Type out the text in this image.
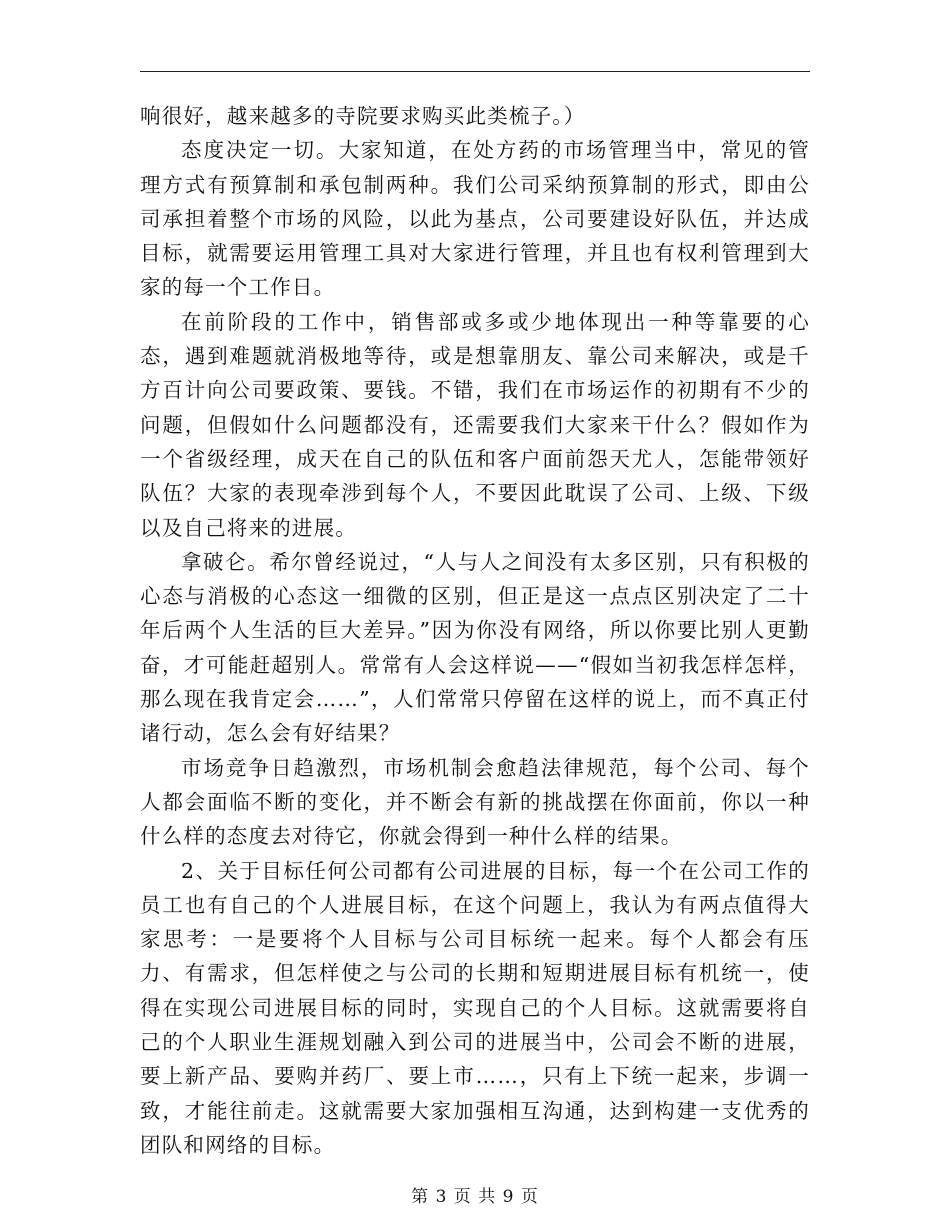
响很好，越来越多的寺院要求购买此类梳子。）

态度决定一切。大家知道，在处方药的市场管理当中，常见的管理方式有预算制和承包制两种。我们公司采纳预算制的形式，即由公司承担着整个市场的风险，以此为基点，公司要建设好队伍，并达成目标，就需要运用管理工具对大家进行管理，并且也有权利管理到大家的每一个工作日。

在前阶段的工作中，销售部或多或少地体现出一种等靠要的心态，遇到难题就消极地等待，或是想靠朋友、靠公司来解决，或是千方百计向公司要政策、要钱。不错，我们在市场运作的初期有不少的问题，但假如什么问题都没有，还需要我们大家来干什么？假如作为一个省级经理，成天在自己的队伍和客户面前怨天尤人，怎能带领好队伍？大家的表现牵涉到每个人，不要因此耽误了公司、上级、下级以及自己将来的进展。

拿破仑。希尔曾经说过，“人与人之间没有太多区别，只有积极的心态与消极的心态这一细微的区别，但正是这一点点区别决定了二十年后两个人生活的巨大差异。”因为你没有网络，所以你要比别人更勤奋，才可能赶超别人。常常有人会这样说——“假如当初我怎样怎样，那么现在我肯定会……”，人们常常只停留在这样的说上，而不真正付诸行动，怎么会有好结果？

市场竞争日趋激烈，市场机制会愈趋法律规范，每个公司、每个人都会面临不断的变化，并不断会有新的挑战摆在你面前，你以一种什么样的态度去对待它，你就会得到一种什么样的结果。

2、关于目标任何公司都有公司进展的目标，每一个在公司工作的员工也有自己的个人进展目标，在这个问题上，我认为有两点值得大家思考：一是要将个人目标与公司目标统一起来。每个人都会有压力、有需求，但怎样使之与公司的长期和短期进展目标有机统一，使得在实现公司进展目标的同时，实现自己的个人目标。这就需要将自己的个人职业生涯规划融入到公司的进展当中，公司会不断的进展，要上新产品、要购并药厂、要上市……，只有上下统一起来，步调一致，才能往前走。这就需要大家加强相互沟通，达到构建一支优秀的团队和网络的目标。

第 3 页 共 9 页
